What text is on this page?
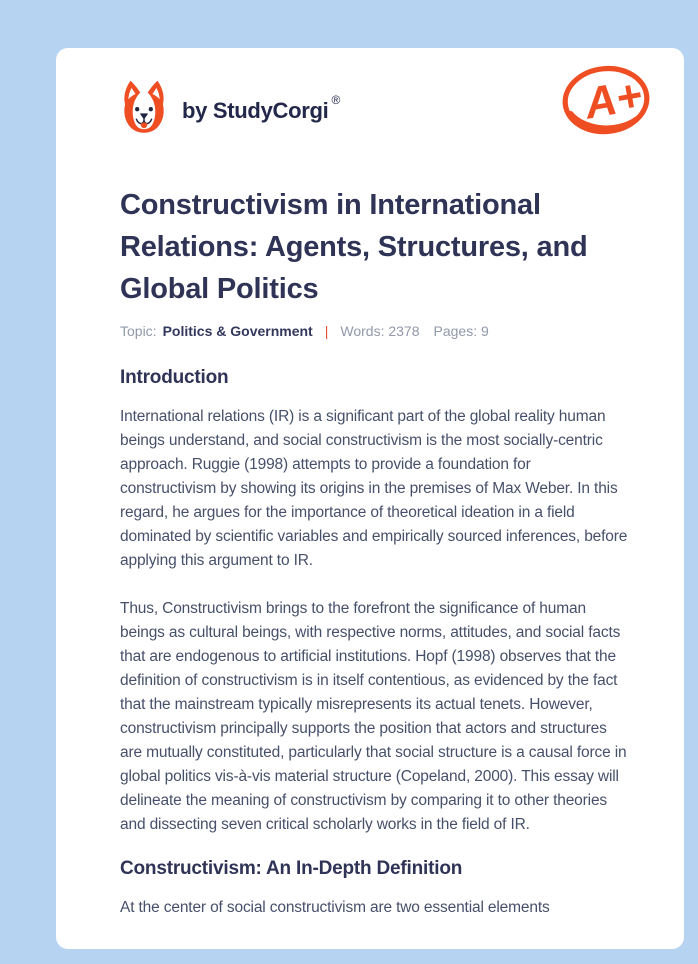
by StudyCorgi ®	A+
Constructivism in International Relations: Agents, Structures, and Global Politics
Topic: Politics & Government | Words: 2378 Pages: 9
Introduction

International relations (IR) is a significant part of the global reality human beings understand, and social constructivism is the most socially-centric approach. Ruggie (1998) attempts to provide a foundation for constructivism by showing its origins in the premises of Max Weber. In this regard, he argues for the importance of theoretical ideation in a field dominated by scientific variables and empirically sourced inferences, before applying this argument to IR.

Thus, Constructivism brings to the forefront the significance of human beings as cultural beings, with respective norms, attitudes, and social facts that are endogenous to artificial institutions. Hopf (1998) observes that the definition of constructivism is in itself contentious, as evidenced by the fact that the mainstream typically misrepresents its actual tenets. However, constructivism principally supports the position that actors and structures are mutually constituted, particularly that social structure is a causal force in global politics vis-à-vis material structure (Copeland, 2000). This essay will delineate the meaning of constructivism by comparing it to other theories and dissecting seven critical scholarly works in the field of IR.

Constructivism: An In-Depth Definition

At the center of social constructivism are two essential elements
